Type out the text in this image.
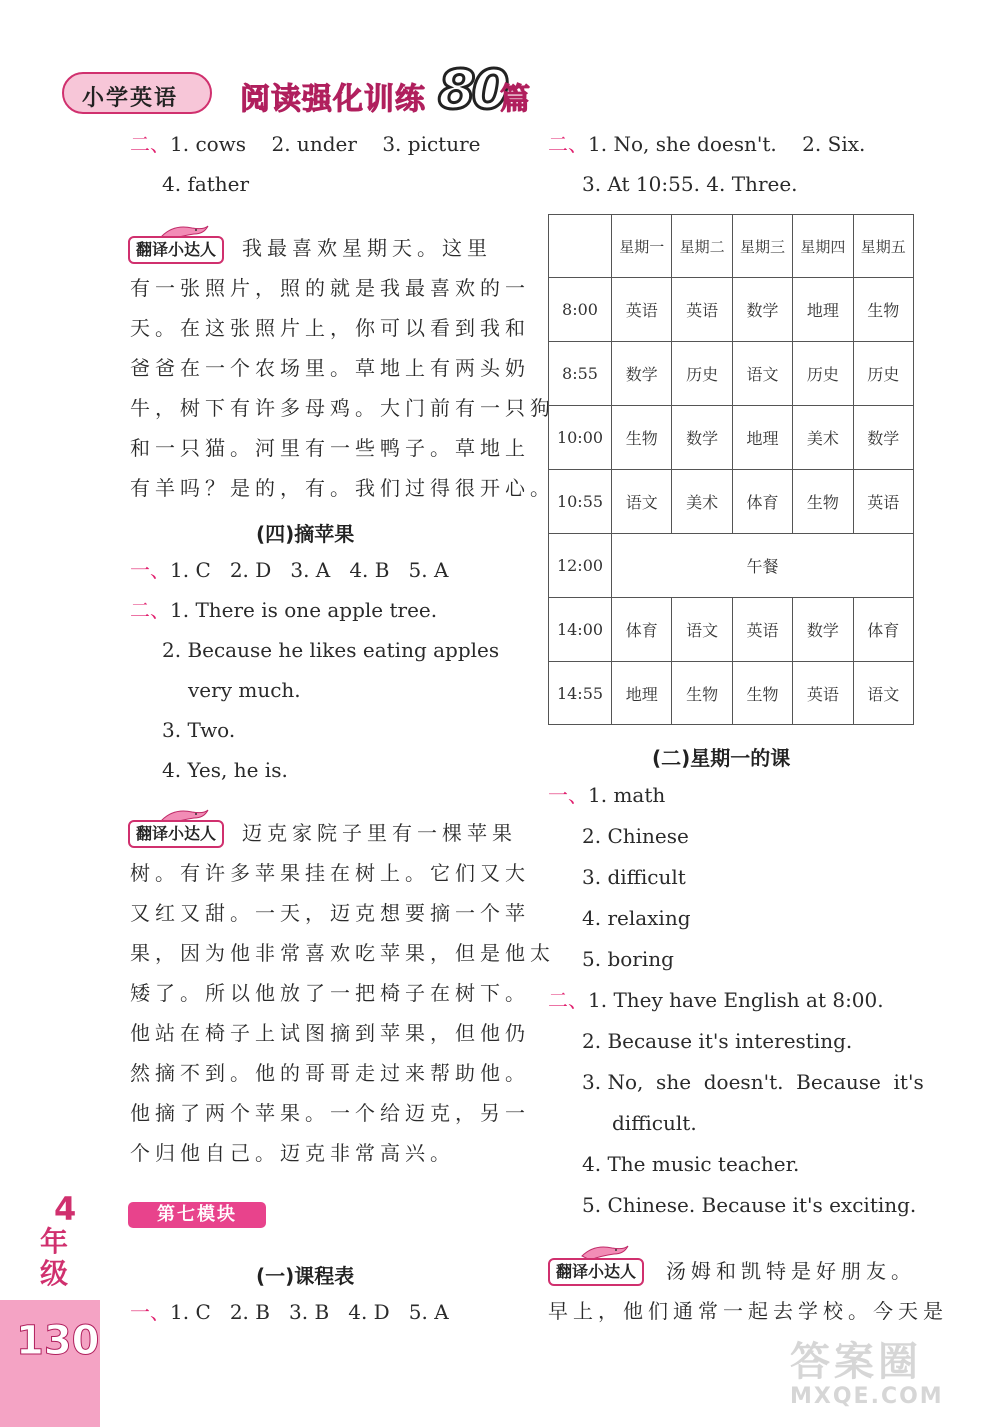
小学英语 阅读强化训练 80
篇
二、1. cows    2. under    3. picture
4. father
翻译小达人	我最喜欢星期天。这里
有一张照片，照的就是我最喜欢的一
天。在这张照片上，你可以看到我和
爸爸在一个农场里。草地上有两头奶
牛，树下有许多母鸡。大门前有一只狗
和一只猫。河里有一些鸭子。草地上
有羊吗？是的，有。我们过得很开心。
(四)摘苹果
一、1. C   2. D   3. A   4. B   5. A
二、1. There is one apple tree.
2. Because he likes eating apples
very much.
3. Two.
4. Yes, he is.
翻译小达人	迈克家院子里有一棵苹果
树。有许多苹果挂在树上。它们又大
又红又甜。一天，迈克想要摘一个苹
果，因为他非常喜欢吃苹果，但是他太
矮了。所以他放了一把椅子在树下。
他站在椅子上试图摘到苹果，但他仍
然摘不到。他的哥哥走过来帮助他。
他摘了两个苹果。一个给迈克，另一
个归他自己。迈克非常高兴。
第七模块
(一)课程表
一、1. C   2. B   3. B   4. D   5. A
二、1. No, she doesn't.    2. Six.
3. At 10:55. 4. Three.
	星期一	星期二	星期三	星期四	星期五
8:00	英语	英语	数学	地理	生物
8:55	数学	历史	语文	历史	历史
10:00	生物	数学	地理	美术	数学
10:55	语文	美术	体育	生物	英语
12:00	午餐				
14:00	体育	语文	英语	数学	体育
14:55	地理	生物	生物	英语	语文
(二)星期一的课
一、1. math
2. Chinese
3. difficult
4. relaxing
5. boring
二、1. They have English at 8:00.
2. Because it's interesting.
3. No,  she  doesn't.  Because  it's
difficult.
4. The music teacher.
5. Chinese. Because it's exciting.
翻译小达人	汤姆和凯特是好朋友。
早上，他们通常一起去学校。今天是
4
年
级
130	答案圈
MXQE.COM
